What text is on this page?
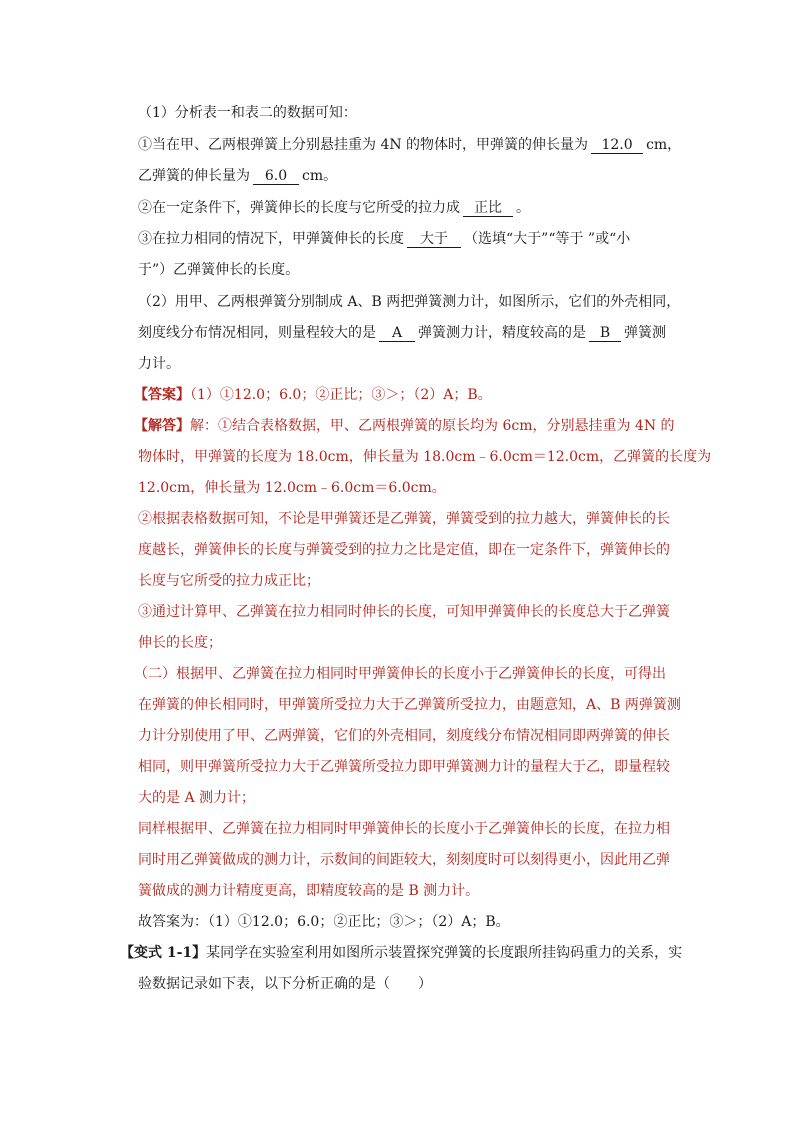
（1）分析表一和表二的数据可知：
①当在甲、乙两根弹簧上分别悬挂重为 4N 的物体时，甲弹簧的伸长量为 12.0 cm，
乙弹簧的伸长量为 6.0 cm。
②在一定条件下，弹簧伸长的长度与它所受的拉力成 正比 。
③在拉力相同的情况下，甲弹簧伸长的长度 大于 （选填“大于”“等于 ”或“小
于”）乙弹簧伸长的长度。
（2）用甲、乙两根弹簧分别制成 A、B 两把弹簧测力计，如图所示，它们的外壳相同，
刻度线分布情况相同，则量程较大的是 A 弹簧测力计，精度较高的是 B 弹簧测
力计。
【答案】（1）①12.0；6.0；②正比；③＞；（2）A；B。
【解答】解：①结合表格数据，甲、乙两根弹簧的原长均为 6cm，分别悬挂重为 4N 的
物体时，甲弹簧的长度为 18.0cm，伸长量为 18.0cm﹣6.0cm＝12.0cm，乙弹簧的长度为
12.0cm，伸长量为 12.0cm﹣6.0cm＝6.0cm。
②根据表格数据可知，不论是甲弹簧还是乙弹簧，弹簧受到的拉力越大，弹簧伸长的长
度越长，弹簧伸长的长度与弹簧受到的拉力之比是定值，即在一定条件下，弹簧伸长的
长度与它所受的拉力成正比；
③通过计算甲、乙弹簧在拉力相同时伸长的长度，可知甲弹簧伸长的长度总大于乙弹簧
伸长的长度；
（二）根据甲、乙弹簧在拉力相同时甲弹簧伸长的长度小于乙弹簧伸长的长度，可得出
在弹簧的伸长相同时，甲弹簧所受拉力大于乙弹簧所受拉力，由题意知，A、B 两弹簧测
力计分别使用了甲、乙两弹簧，它们的外壳相同，刻度线分布情况相同即两弹簧的伸长
相同，则甲弹簧所受拉力大于乙弹簧所受拉力即甲弹簧测力计的量程大于乙，即量程较
大的是 A 测力计；
同样根据甲、乙弹簧在拉力相同时甲弹簧伸长的长度小于乙弹簧伸长的长度，在拉力相
同时用乙弹簧做成的测力计，示数间的间距较大，刻刻度时可以刻得更小，因此用乙弹
簧做成的测力计精度更高，即精度较高的是 B 测力计。
故答案为：（1）①12.0；6.0；②正比；③＞；（2）A；B。
【变式 1-1】某同学在实验室利用如图所示装置探究弹簧的长度跟所挂钩码重力的关系，实
验数据记录如下表，以下分析正确的是（　　）
